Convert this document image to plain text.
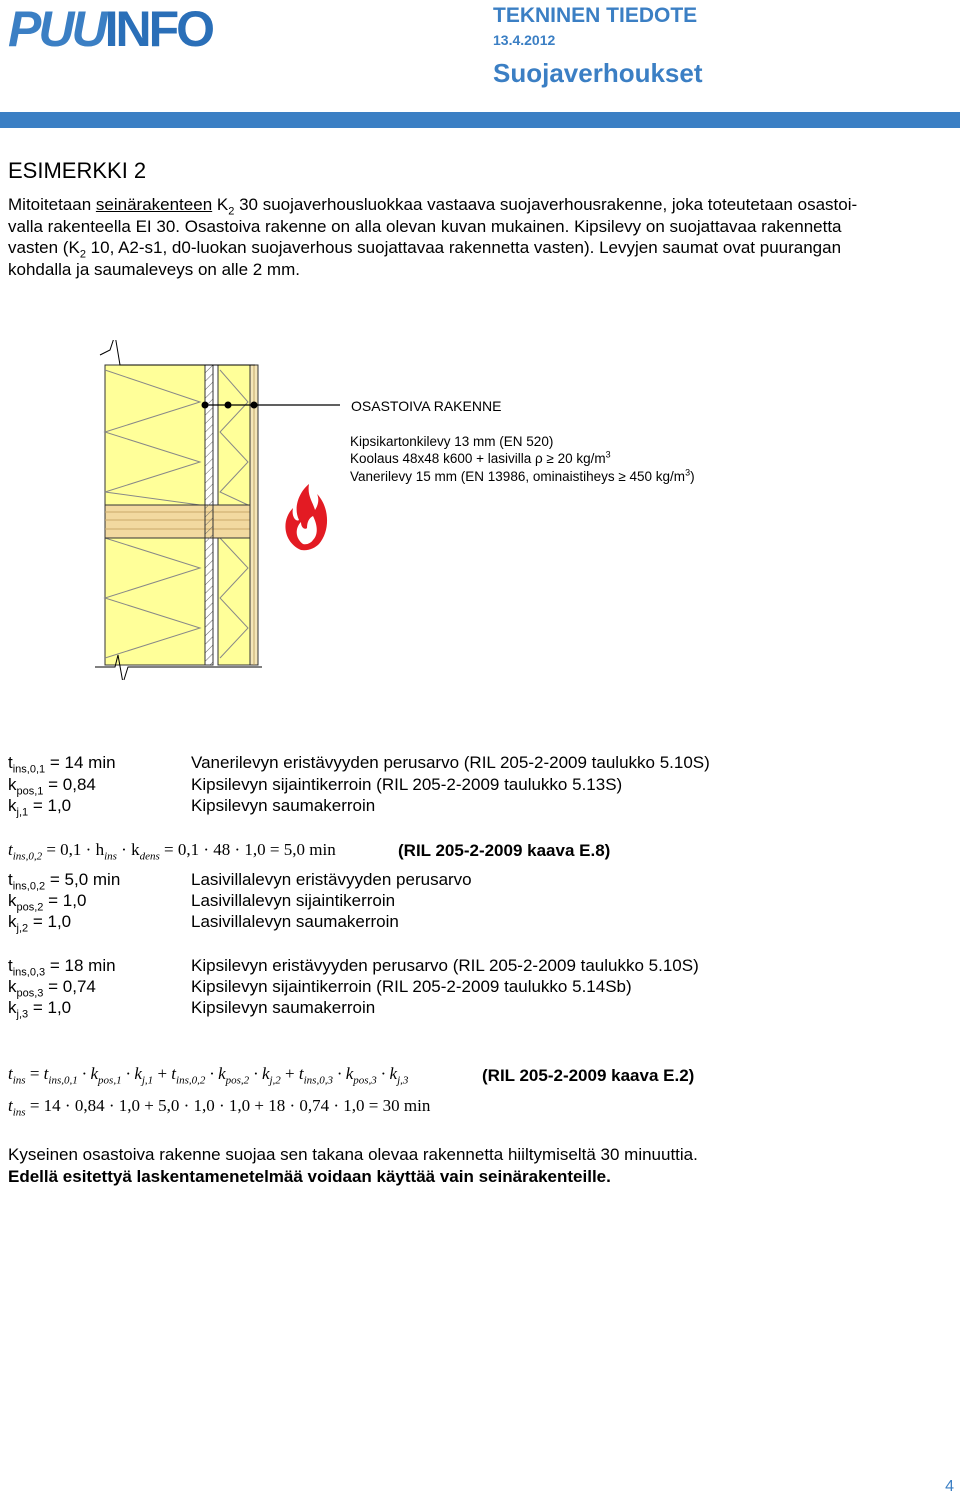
PUUINFO	TEKNINEN TIEDOTE
13.4.2012
Suojaverhoukset
ESIMERKKI 2

Mitoitetaan seinärakenteen $K_2$ 30 suojaverhousluokkaa vastaava suojaverhousrakenne, joka toteutetaan osastoi-

valla rakenteella EI 30. Osastoiva rakenne on alla olevan kuvan mukainen. Kipsilevy on suojattavaa rakennetta

vasten ($K_2$ 10, A2-s1, d0-luokan suojaverhous suojattavaa rakennetta vasten). Levyjen saumat ovat puurangan

kohdalla ja saumaleveys on alle 2 mm.

OSASTOIVA RAKENNE
Kipsikartonkilevy 13 mm (EN 520)
Koolaus 48x48 k600 + lasivilla ρ ≥ 20 $kg/m^3$
Vanerilevy 15 mm (EN 13986, ominaistiheys ≥ 450 $kg/m^3$)
$t_{ins,0,1} = 14$ min	Vanerilevyn eristävyyden perusarvo (RIL 205-2-2009 taulukko 5.10S)
$k_{pos,1} = 0,84$	Kipsilevyn sijaintikerroin (RIL 205-2-2009 taulukko 5.13S)
$k_{j,1} = 1,0$	Kipsilevyn saumakerroin
$t_{ins,0,2} = 0,1 \cdot h_{ins} \cdot k_{dens} = 0,1 \cdot 48 \cdot 1,0 = 5,0$ min	(RIL 205-2-2009 kaava E.8)
$t_{ins,0,2} = 5,0$ min	Lasivillalevyn eristävyyden perusarvo
$k_{pos,2} = 1,0$	Lasivillalevyn sijaintikerroin
$k_{j,2} = 1,0$	Lasivillalevyn saumakerroin
$t_{ins,0,3} = 18$ min	Kipsilevyn eristävyyden perusarvo (RIL 205-2-2009 taulukko 5.10S)
$k_{pos,3} = 0,74$	Kipsilevyn sijaintikerroin (RIL 205-2-2009 taulukko 5.14Sb)
$k_{j,3} = 1,0$	Kipsilevyn saumakerroin
$t_{ins} = t_{ins,0,1} \cdot k_{pos,1} \cdot k_{j,1} + t_{ins,0,2} \cdot k_{pos,2} \cdot k_{j,2} + t_{ins,0,3} \cdot k_{pos,3} \cdot k_{j,3}$	(RIL 205-2-2009 kaava E.2)
$t_{ins} = 14 \cdot 0,84 \cdot 1,0 + 5,0 \cdot 1,0 \cdot 1,0 + 18 \cdot 0,74 \cdot 1,0 = 30$ min
Kyseinen osastoiva rakenne suojaa sen takana olevaa rakennetta hiiltymiseltä 30 minuuttia.
Edellä esitettyä laskentamenetelmää voidaan käyttää vain seinärakenteille.
4
